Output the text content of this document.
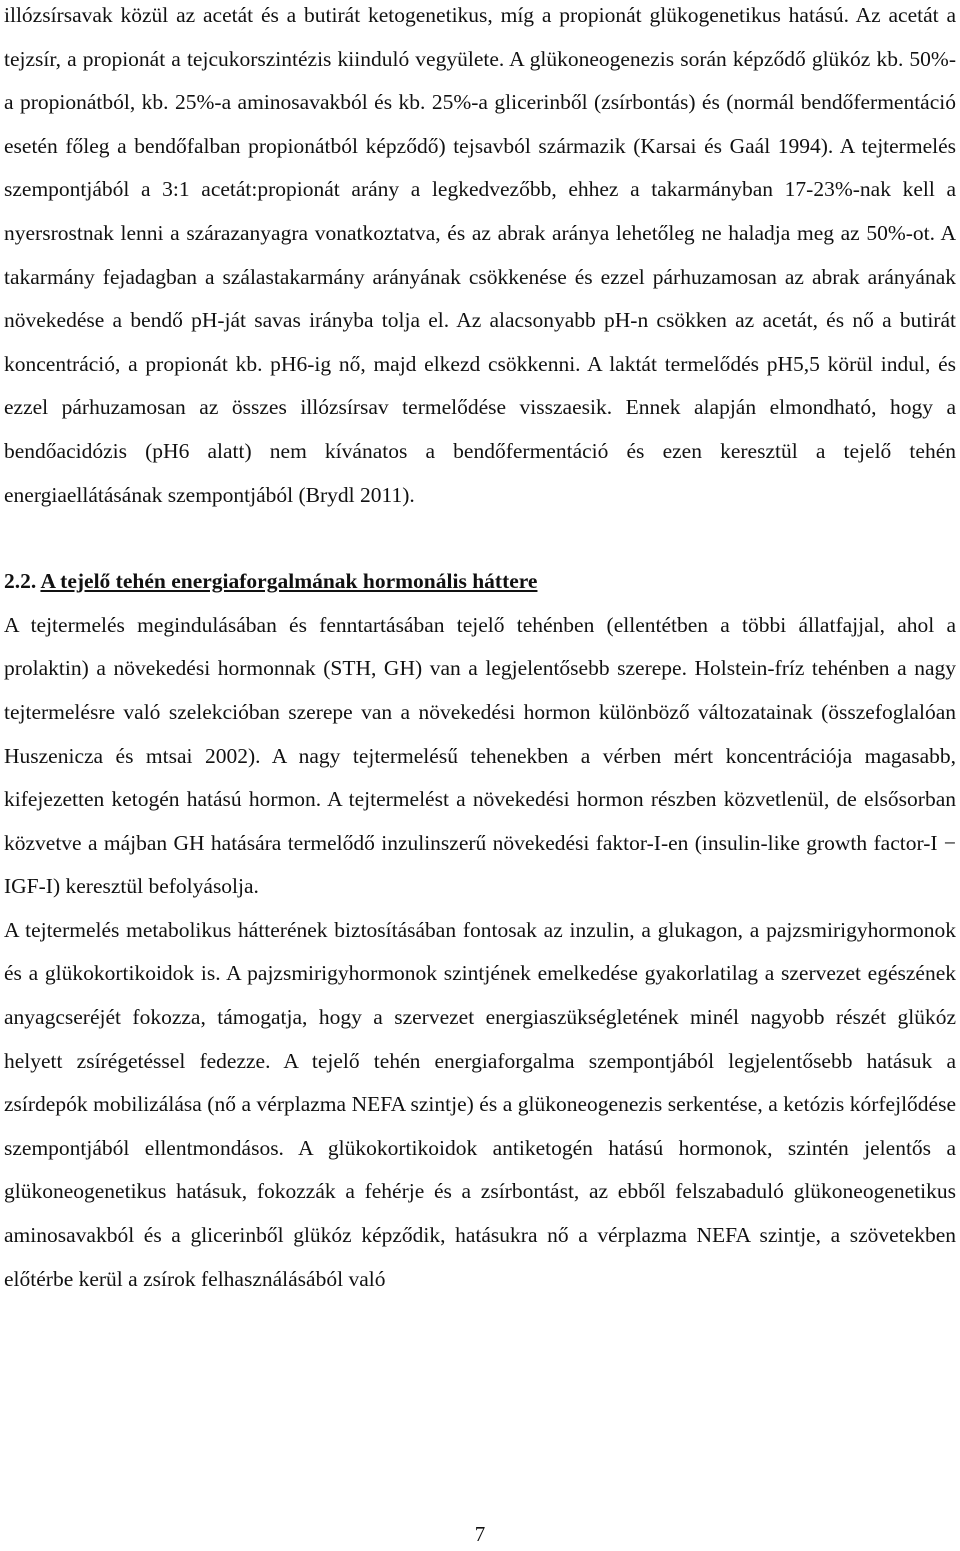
illózsírsavak közül az acetát és a butirát ketogenetikus, míg a propionát glükogenetikus hatású. Az acetát a tejzsír, a propionát a tejcukorszintézis kiinduló vegyülete. A glükoneogenezis során képződő glükóz kb. 50%-a propionátból, kb. 25%-a aminosavakból és kb. 25%-a glicerinből (zsírbontás) és (normál bendőfermentáció esetén főleg a bendőfalban propionátból képződő) tejsavból származik (Karsai és Gaál 1994). A tejtermelés szempontjából a 3:1 acetát:propionát arány a legkedvezőbb, ehhez a takarmányban 17-23%-nak kell a nyersrostnak lenni a szárazanyagra vonatkoztatva, és az abrak aránya lehetőleg ne haladja meg az 50%-ot. A takarmány fejadagban a szálastakarmány arányának csökkenése és ezzel párhuzamosan az abrak arányának növekedése a bendő pH-ját savas irányba tolja el. Az alacsonyabb pH-n csökken az acetát, és nő a butirát koncentráció, a propionát kb. pH6-ig nő, majd elkezd csökkenni. A laktát termelődés pH5,5 körül indul, és ezzel párhuzamosan az összes illózsírsav termelődése visszaesik. Ennek alapján elmondható, hogy a bendőacidózis (pH6 alatt) nem kívánatos a bendőfermentáció és ezen keresztül a tejelő tehén energiaellátásának szempontjából (Brydl 2011).

2.2. A tejelő tehén energiaforgalmának hormonális háttere

A tejtermelés megindulásában és fenntartásában tejelő tehénben (ellentétben a többi állatfajjal, ahol a prolaktin) a növekedési hormonnak (STH, GH) van a legjelentősebb szerepe. Holstein-fríz tehénben a nagy tejtermelésre való szelekcióban szerepe van a növekedési hormon különböző változatainak (összefoglalóan Huszenicza és mtsai 2002). A nagy tejtermelésű tehenekben a vérben mért koncentrációja magasabb, kifejezetten ketogén hatású hormon. A tejtermelést a növekedési hormon részben közvetlenül, de elsősorban közvetve a májban GH hatására termelődő inzulinszerű növekedési faktor-I-en (insulin-like growth factor-I − IGF-I) keresztül befolyásolja.

A tejtermelés metabolikus hátterének biztosításában fontosak az inzulin, a glukagon, a pajzsmirigyhormonok és a glükokortikoidok is. A pajzsmirigyhormonok szintjének emelkedése gyakorlatilag a szervezet egészének anyagcseréjét fokozza, támogatja, hogy a szervezet energiaszükségletének minél nagyobb részét glükóz helyett zsírégetéssel fedezze. A tejelő tehén energiaforgalma szempontjából legjelentősebb hatásuk a zsírdepók mobilizálása (nő a vérplazma NEFA szintje) és a glükoneogenezis serkentése, a ketózis kórfejlődése szempontjából ellentmondásos. A glükokortikoidok antiketogén hatású hormonok, szintén jelentős a glükoneogenetikus hatásuk, fokozzák a fehérje és a zsírbontást, az ebből felszabaduló glükoneogenetikus aminosavakból és a glicerinből glükóz képződik, hatásukra nő a vérplazma NEFA szintje, a szövetekben előtérbe kerül a zsírok felhasználásából való

7
